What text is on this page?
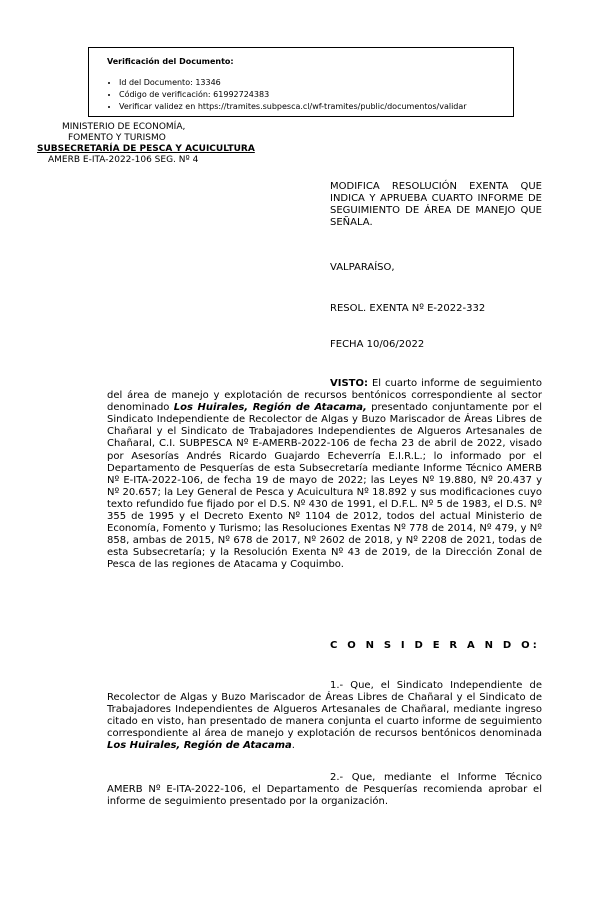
Verificación del Documento:
• Id del Documento: 13346
• Código de verificación: 61992724383
• Verificar validez en https://tramites.subpesca.cl/wf-tramites/public/documentos/validar
MINISTERIO DE ECONOMÍA,
FOMENTO Y TURISMO
SUBSECRETARÍA DE PESCA Y ACUICULTURA
AMERB E-ITA-2022-106 SEG. Nº 4
MODIFICA RESOLUCIÓN EXENTA QUE INDICA Y APRUEBA CUARTO INFORME DE SEGUIMIENTO DE ÁREA DE MANEJO QUE SEÑALA.
VALPARAÍSO,
RESOL. EXENTA Nº E-2022-332
FECHA 10/06/2022
VISTO: El cuarto informe de seguimiento del área de manejo y explotación de recursos bentónicos correspondiente al sector denominado Los Huirales, Región de Atacama, presentado conjuntamente por el Sindicato Independiente de Recolector de Algas y Buzo Mariscador de Áreas Libres de Chañaral y el Sindicato de Trabajadores Independientes de Algueros Artesanales de Chañaral, C.I. SUBPESCA Nº E-AMERB-2022-106 de fecha 23 de abril de 2022, visado por Asesorías Andrés Ricardo Guajardo Echeverría E.I.R.L.; lo informado por el Departamento de Pesquerías de esta Subsecretaría mediante Informe Técnico AMERB Nº E-ITA-2022-106, de fecha 19 de mayo de 2022; las Leyes Nº 19.880, Nº 20.437 y Nº 20.657; la Ley General de Pesca y Acuicultura Nº 18.892 y sus modificaciones cuyo texto refundido fue fijado por el D.S. Nº 430 de 1991, el D.F.L. Nº 5 de 1983, el D.S. Nº 355 de 1995 y el Decreto Exento Nº 1104 de 2012, todos del actual Ministerio de Economía, Fomento y Turismo; las Resoluciones Exentas Nº 778 de 2014, Nº 479, y Nº 858, ambas de 2015, Nº 678 de 2017, Nº 2602 de 2018, y Nº 2208 de 2021, todas de esta Subsecretaría; y la Resolución Exenta Nº 43 de 2019, de la Dirección Zonal de Pesca de las regiones de Atacama y Coquimbo.
C O N S I D E R A N D O:
1.- Que, el Sindicato Independiente de Recolector de Algas y Buzo Mariscador de Áreas Libres de Chañaral y el Sindicato de Trabajadores Independientes de Algueros Artesanales de Chañaral, mediante ingreso citado en visto, han presentado de manera conjunta el cuarto informe de seguimiento correspondiente al área de manejo y explotación de recursos bentónicos denominada Los Huirales, Región de Atacama.
2.- Que, mediante el Informe Técnico AMERB Nº E-ITA-2022-106, el Departamento de Pesquerías recomienda aprobar el informe de seguimiento presentado por la organización.
